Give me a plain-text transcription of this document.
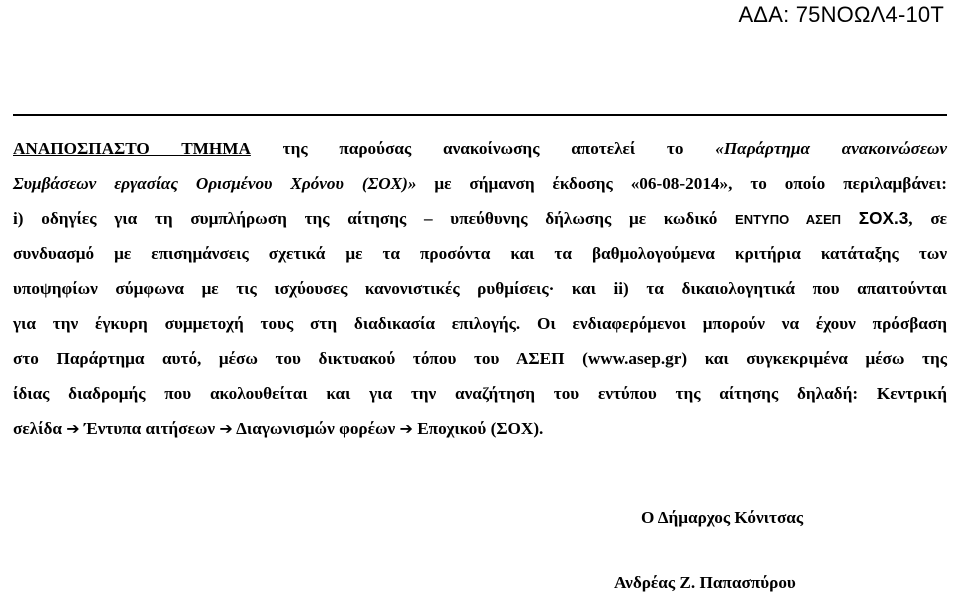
ΑΔΑ: 75ΝΟΩΛ4-10Τ
ΑΝΑΠΟΣΠΑΣΤΟ ΤΜΗΜΑ της παρούσας ανακοίνωσης αποτελεί το «Παράρτημα ανακοινώσεων
Συμβάσεων εργασίας Ορισμένου Χρόνου (ΣΟΧ)» με σήμανση έκδοσης «06-08-2014», το οποίο περιλαμβάνει:
i) οδηγίες για τη συμπλήρωση της αίτησης – υπεύθυνης δήλωσης με κωδικό ΕΝΤΥΠΟ ΑΣΕΠ ΣΟΧ.3, σε
συνδυασμό με επισημάνσεις σχετικά με τα προσόντα και τα βαθμολογούμενα κριτήρια κατάταξης των
υποψηφίων σύμφωνα με τις ισχύουσες κανονιστικές ρυθμίσεις· και ii) τα δικαιολογητικά που απαιτούνται
για την έγκυρη συμμετοχή τους στη διαδικασία επιλογής. Οι ενδιαφερόμενοι μπορούν να έχουν πρόσβαση
στο Παράρτημα αυτό, μέσω του δικτυακού τόπου του ΑΣΕΠ (www.asep.gr) και συγκεκριμένα μέσω της
ίδιας διαδρομής που ακολουθείται και για την αναζήτηση του εντύπου της αίτησης δηλαδή: Κεντρική
σελίδα ➔ Έντυπα αιτήσεων ➔ Διαγωνισμών φορέων ➔ Εποχικού (ΣΟΧ).
Ο Δήμαρχος Κόνιτσας
Ανδρέας Ζ. Παπασπύρου
